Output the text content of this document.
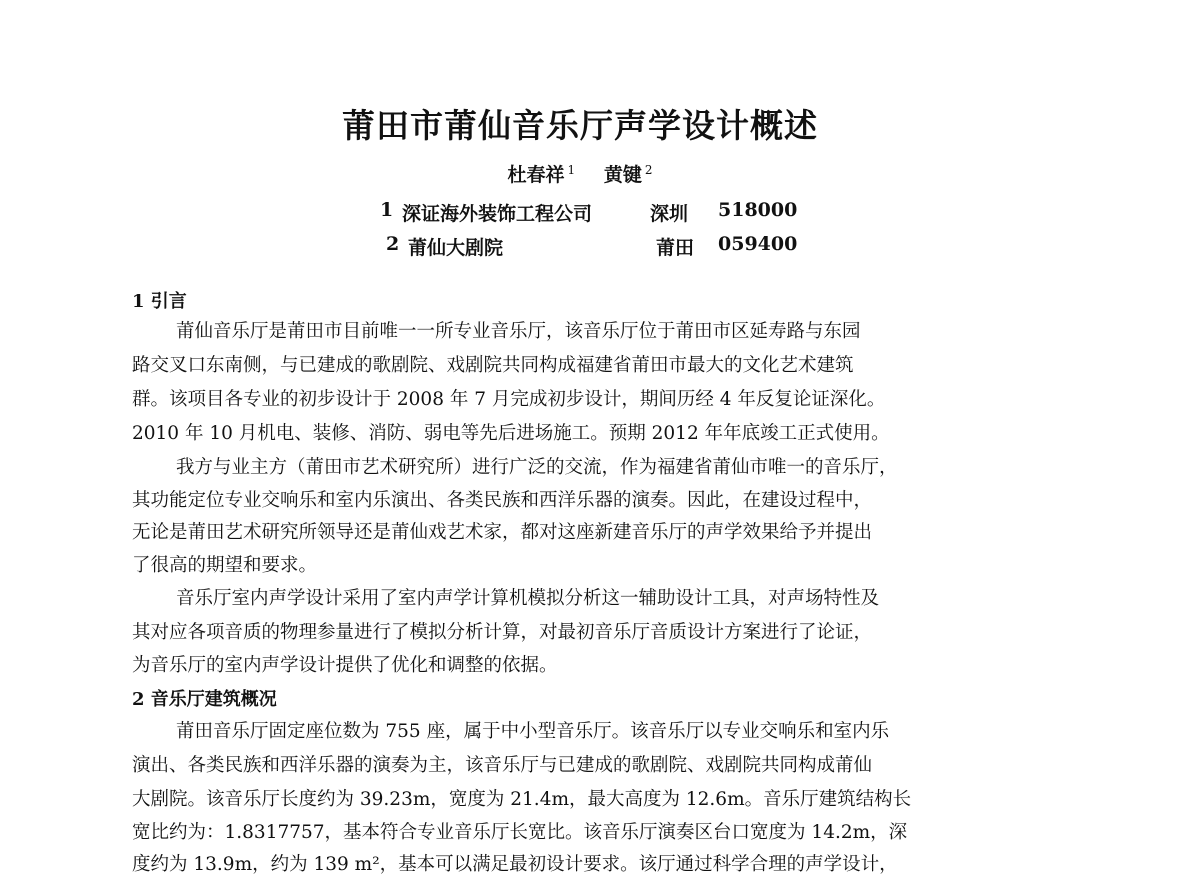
莆田市莆仙音乐厅声学设计概述
杜春祥 $^1$ 黄键 $^2$
1 深证海外装饰工程公司	深圳 518000
2 莆仙大剧院	莆田 059400
1 引言
莆仙音乐厅是莆田市目前唯一一所专业音乐厅，该音乐厅位于莆田市区延寿路与东园
路交叉口东南侧，与已建成的歌剧院、戏剧院共同构成福建省莆田市最大的文化艺术建筑
群。该项目各专业的初步设计于 2008 年 7 月完成初步设计，期间历经 4 年反复论证深化。
2010 年 10 月机电、装修、消防、弱电等先后进场施工。预期 2012 年年底竣工正式使用。
我方与业主方（莆田市艺术研究所）进行广泛的交流，作为福建省莆仙市唯一的音乐厅，
其功能定位专业交响乐和室内乐演出、各类民族和西洋乐器的演奏。因此，在建设过程中，
无论是莆田艺术研究所领导还是莆仙戏艺术家，都对这座新建音乐厅的声学效果给予并提出
了很高的期望和要求。
音乐厅室内声学设计采用了室内声学计算机模拟分析这一辅助设计工具，对声场特性及
其对应各项音质的物理参量进行了模拟分析计算，对最初音乐厅音质设计方案进行了论证，
为音乐厅的室内声学设计提供了优化和调整的依据。
2 音乐厅建筑概况
莆田音乐厅固定座位数为 755 座，属于中小型音乐厅。该音乐厅以专业交响乐和室内乐
演出、各类民族和西洋乐器的演奏为主，该音乐厅与已建成的歌剧院、戏剧院共同构成莆仙
大剧院。该音乐厅长度约为 39.23m，宽度为 21.4m，最大高度为 12.6m。音乐厅建筑结构长
宽比约为：1.8317757，基本符合专业音乐厅长宽比。该音乐厅演奏区台口宽度为 14.2m，深
度约为 13.9m，约为 139 m²，基本可以满足最初设计要求。该厅通过科学合理的声学设计，
